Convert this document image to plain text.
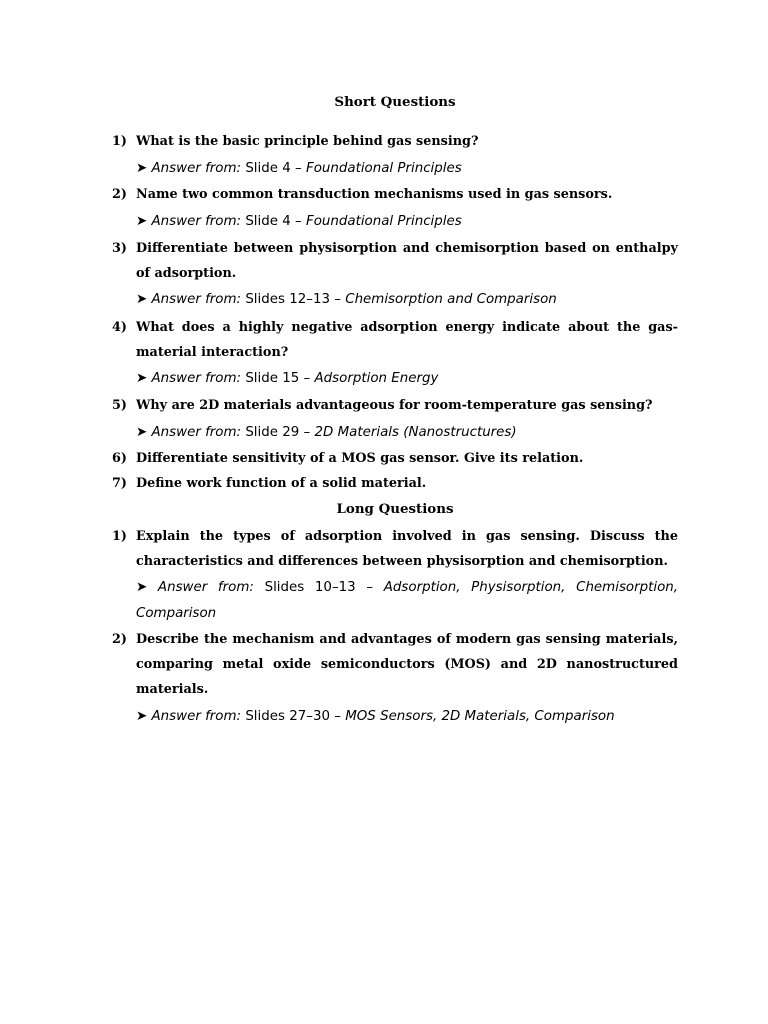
Short Questions
1) What is the basic principle behind gas sensing?
➤ Answer from: Slide 4 – Foundational Principles
2) Name two common transduction mechanisms used in gas sensors.
➤ Answer from: Slide 4 – Foundational Principles
3) Differentiate between physisorption and chemisorption based on enthalpy of adsorption.
➤ Answer from: Slides 12–13 – Chemisorption and Comparison
4) What does a highly negative adsorption energy indicate about the gas-material interaction?
➤ Answer from: Slide 15 – Adsorption Energy
5) Why are 2D materials advantageous for room-temperature gas sensing?
➤ Answer from: Slide 29 – 2D Materials (Nanostructures)
6) Differentiate sensitivity of a MOS gas sensor. Give its relation.
7) Define work function of a solid material.
Long Questions
1) Explain the types of adsorption involved in gas sensing. Discuss the characteristics and differences between physisorption and chemisorption.
➤ Answer from: Slides 10–13 – Adsorption, Physisorption, Chemisorption, Comparison
2) Describe the mechanism and advantages of modern gas sensing materials, comparing metal oxide semiconductors (MOS) and 2D nanostructured materials.
➤ Answer from: Slides 27–30 – MOS Sensors, 2D Materials, Comparison
